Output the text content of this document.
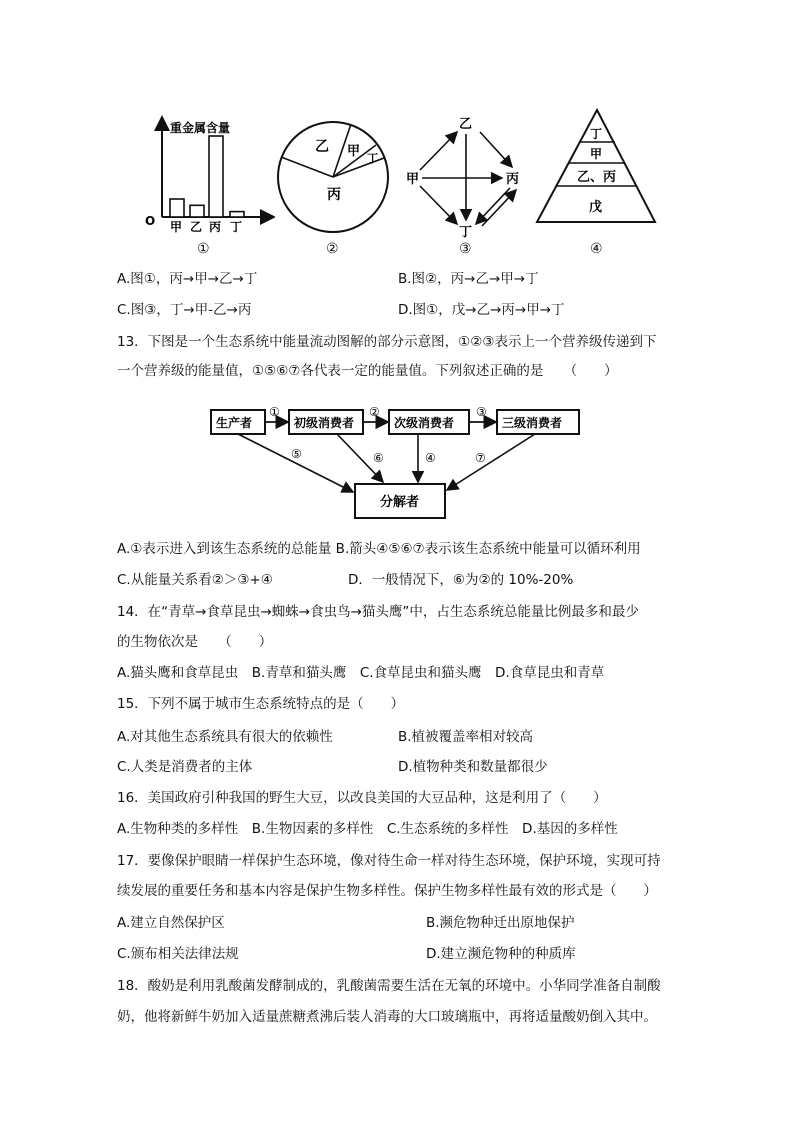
重金属含量
O 甲 乙 丙 丁
①
乙 甲 丁
丙
②
乙
甲	丙
丁
③
丁
甲
乙、丙
戊
④
A.图①，丙→甲→乙→丁	B.图②，丙→乙→甲→丁
C.图③，丁→甲-乙→丙	D.图①，戊→乙→丙→甲→丁
13．下图是一个生态系统中能量流动图解的部分示意图，①②③表示上一个营养级传递到下
一个营养级的能量值，①⑤⑥⑦各代表一定的能量值。下列叙述正确的是　　（　　）
生产者	初级消费者	次级消费者	三级消费者
分解者
①	②	③
⑤	⑥	④	⑦
A.①表示进入到该生态系统的总能量 B.箭头④⑤⑥⑦表示该生态系统中能量可以循环利用
C.从能量关系看②＞③+④	D．一般情况下，⑥为②的 10%-20%
14．在“青草→食草昆虫→蜘蛛→食虫鸟→猫头鹰”中，占生态系统总能量比例最多和最少
的生物依次是　　（　　）
A.猫头鹰和食草昆虫　B.青草和猫头鹰　C.食草昆虫和猫头鹰　D.食草昆虫和青草
15．下列不属于城市生态系统特点的是（　　）
A.对其他生态系统具有很大的依赖性	B.植被覆盖率相对较高
C.人类是消费者的主体	D.植物种类和数量都很少
16．美国政府引种我国的野生大豆，以改良美国的大豆品种，这是利用了（　　）
A.生物种类的多样性　B.生物因素的多样性　C.生态系统的多样性　D.基因的多样性
17．要像保护眼睛一样保护生态环境，像对待生命一样对待生态环境，保护环境，实现可持
续发展的重要任务和基本内容是保护生物多样性。保护生物多样性最有效的形式是（　　）
A.建立自然保护区	B.濒危物种迁出原地保护
C.颁布相关法律法规	D.建立濒危物种的种质库
18．酸奶是利用乳酸菌发酵制成的，乳酸菌需要生活在无氧的环境中。小华同学准备自制酸
奶，他将新鲜牛奶加入适量蔗糖煮沸后装人消毒的大口玻璃瓶中，再将适量酸奶倒入其中。
